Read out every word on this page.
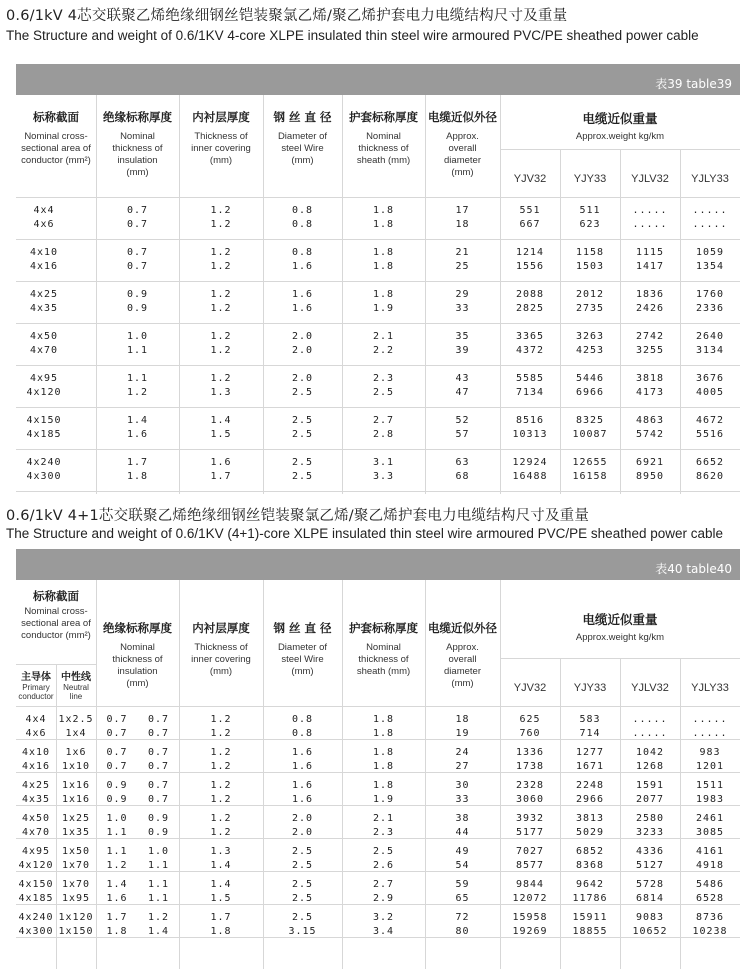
0.6/1kV 4芯交联聚乙烯绝缘细钢丝铠装聚氯乙烯/聚乙烯护套电力电缆结构尺寸及重量
The Structure and weight of 0.6/1KV 4-core XLPE insulated thin steel wire armoured PVC/PE sheathed power cable
表39 table39
标称截面
Nominal cross-sectional area of conductor (mm²)
绝缘标称厚度
Nominal thickness of insulation (mm)
内衬层厚度
Thickness of inner covering (mm)
钢 丝 直 径
Diameter of steel Wire (mm)
护套标称厚度
Nominal thickness of sheath (mm)
电缆近似外径
Approx. overall diameter (mm)
电缆近似重量
Approx.weight kg/km
YJV32	YJY33	YJLV32	YJLY33
4x4	0.7	1.2	0.8	1.8	17	551	511	.....	.....
4x6	0.7	1.2	0.8	1.8	18	667	623	.....	.....
4x10	0.7	1.2	0.8	1.8	21	1214	1158	1115	1059
4x16	0.7	1.2	1.6	1.8	25	1556	1503	1417	1354
4x25	0.9	1.2	1.6	1.8	29	2088	2012	1836	1760
4x35	0.9	1.2	1.6	1.9	33	2825	2735	2426	2336
4x50	1.0	1.2	2.0	2.1	35	3365	3263	2742	2640
4x70	1.1	1.2	2.0	2.2	39	4372	4253	3255	3134
4x95	1.1	1.2	2.0	2.3	43	5585	5446	3818	3676
4x120	1.2	1.3	2.5	2.5	47	7134	6966	4173	4005
4x150	1.4	1.4	2.5	2.7	52	8516	8325	4863	4672
4x185	1.6	1.5	2.5	2.8	57	10313	10087	5742	5516
4x240	1.7	1.6	2.5	3.1	63	12924	12655	6921	6652
4x300	1.8	1.7	2.5	3.3	68	16488	16158	8950	8620
0.6/1kV 4+1芯交联聚乙烯绝缘细钢丝铠装聚氯乙烯/聚乙烯护套电力电缆结构尺寸及重量
The Structure and weight of 0.6/1KV (4+1)-core XLPE insulated thin steel wire armoured PVC/PE sheathed power cable
表40 table40
标称截面
Nominal cross-sectional area of conductor (mm²)
主导体
Primary conductor
中性线
Neutral line
绝缘标称厚度
Nominal thickness of insulation (mm)
内衬层厚度
Thickness of inner covering (mm)
钢 丝 直 径
Diameter of steel Wire (mm)
护套标称厚度
Nominal thickness of sheath (mm)
电缆近似外径
Approx. overall diameter (mm)
电缆近似重量
Approx.weight kg/km
YJV32	YJY33	YJLV32	YJLY33
4x4	1x2.5	0.7	0.7	1.2	0.8	1.8	18	625	583	.....	.....
4x6	1x4	0.7	0.7	1.2	0.8	1.8	19	760	714	.....	.....
4x10	1x6	0.7	0.7	1.2	1.6	1.8	24	1336	1277	1042	983
4x16	1x10	0.7	0.7	1.2	1.6	1.8	27	1738	1671	1268	1201
4x25	1x16	0.9	0.7	1.2	1.6	1.8	30	2328	2248	1591	1511
4x35	1x16	0.9	0.7	1.2	1.6	1.9	33	3060	2966	2077	1983
4x50	1x25	1.0	0.9	1.2	2.0	2.1	38	3932	3813	2580	2461
4x70	1x35	1.1	0.9	1.2	2.0	2.3	44	5177	5029	3233	3085
4x95	1x50	1.1	1.0	1.3	2.5	2.5	49	7027	6852	4336	4161
4x120 1x70	1.2	1.1	1.4	2.5	2.6	54	8577	8368	5127	4918
4x150 1x70	1.4	1.1	1.4	2.5	2.7	59	9844	9642	5728	5486
4x185 1x95	1.6	1.1	1.5	2.5	2.9	65	12072	11786	6814	6528
4x240 1x120	1.7	1.2	1.7	2.5	3.2	72	15958	15911	9083	8736
4x300 1x150	1.8	1.4	1.8	3.15	3.4	80	19269	18855	10652	10238
